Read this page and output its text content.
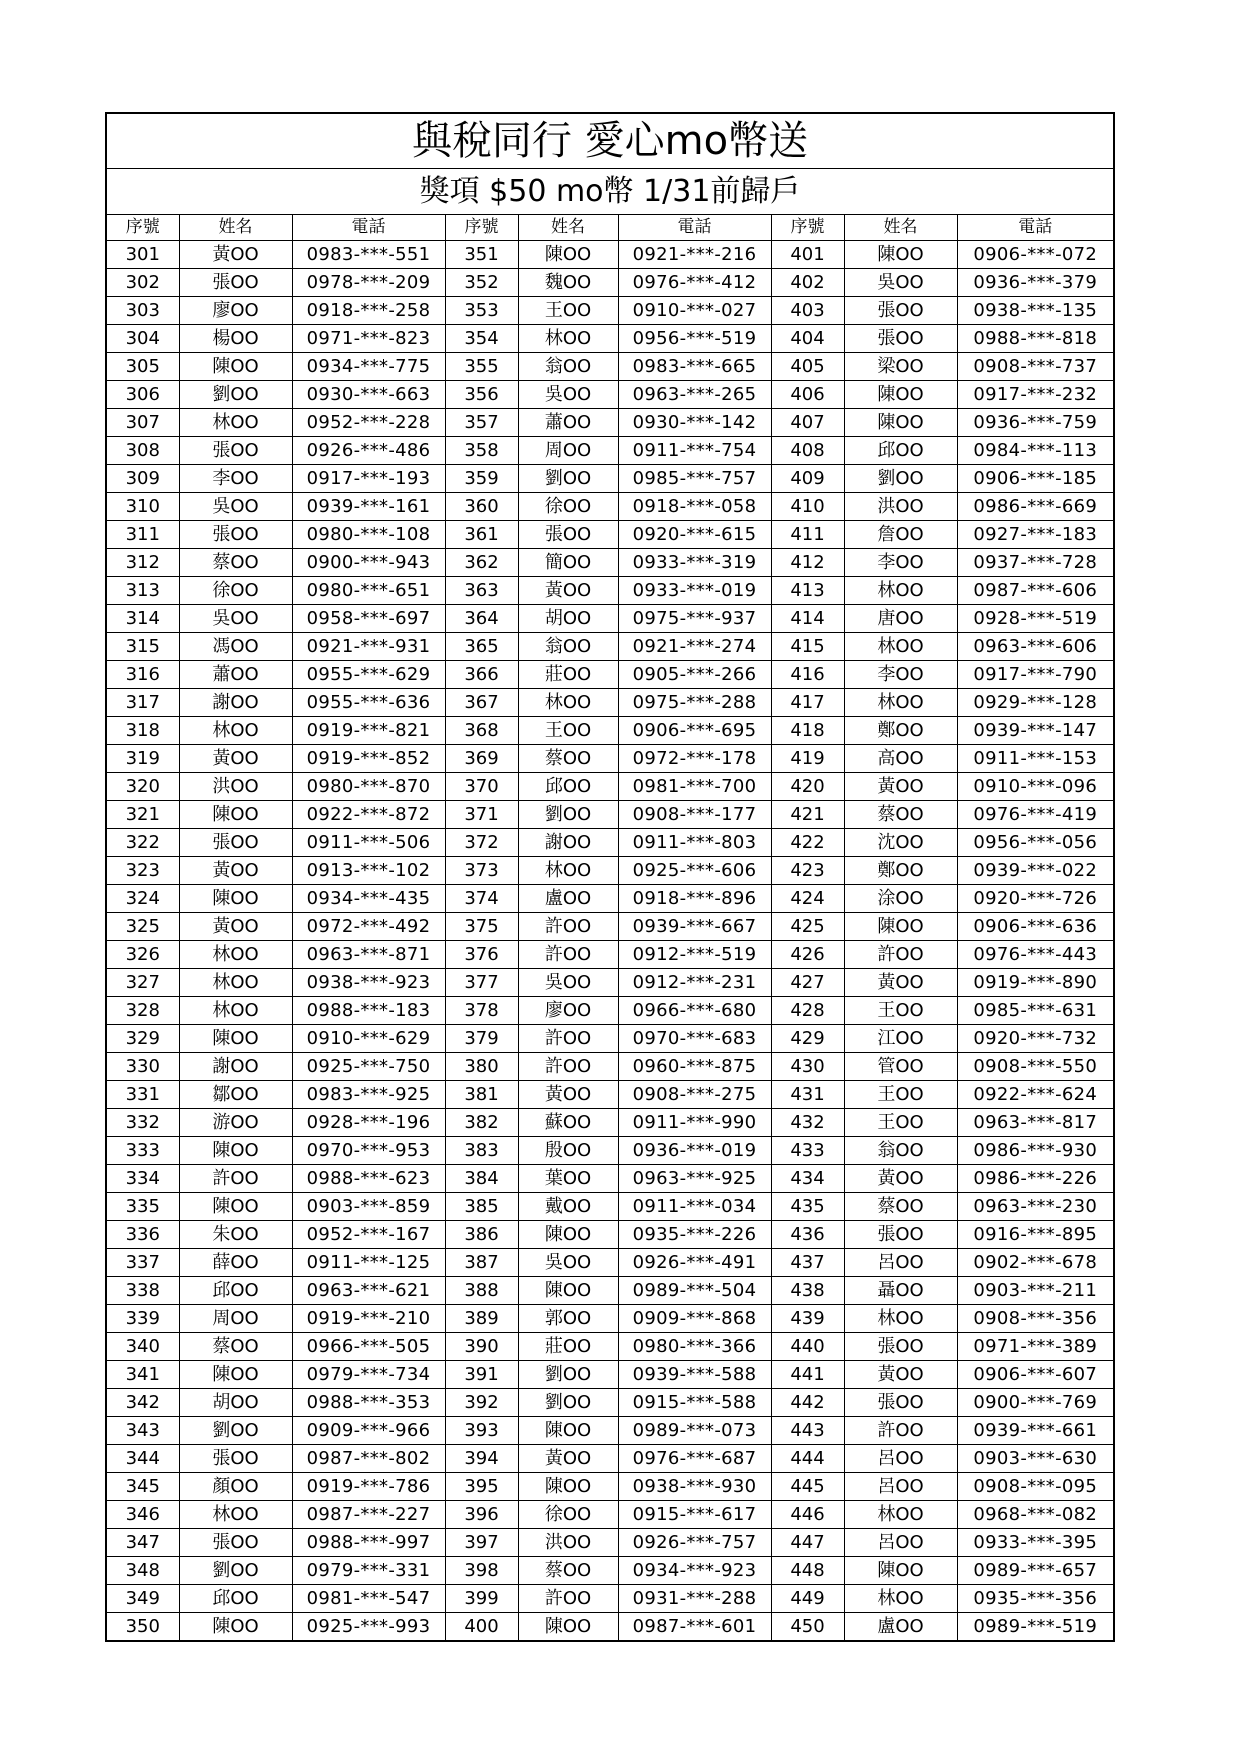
與稅同行 愛心mo幣送								
獎項 $50 mo幣 1/31前歸戶								
序號	姓名	電話	序號	姓名	電話	序號	姓名	電話
301	黃OO	0983-***-551	351	陳OO	0921-***-216	401	陳OO	0906-***-072
302	張OO	0978-***-209	352	魏OO	0976-***-412	402	吳OO	0936-***-379
303	廖OO	0918-***-258	353	王OO	0910-***-027	403	張OO	0938-***-135
304	楊OO	0971-***-823	354	林OO	0956-***-519	404	張OO	0988-***-818
305	陳OO	0934-***-775	355	翁OO	0983-***-665	405	梁OO	0908-***-737
306	劉OO	0930-***-663	356	吳OO	0963-***-265	406	陳OO	0917-***-232
307	林OO	0952-***-228	357	蕭OO	0930-***-142	407	陳OO	0936-***-759
308	張OO	0926-***-486	358	周OO	0911-***-754	408	邱OO	0984-***-113
309	李OO	0917-***-193	359	劉OO	0985-***-757	409	劉OO	0906-***-185
310	吳OO	0939-***-161	360	徐OO	0918-***-058	410	洪OO	0986-***-669
311	張OO	0980-***-108	361	張OO	0920-***-615	411	詹OO	0927-***-183
312	蔡OO	0900-***-943	362	簡OO	0933-***-319	412	李OO	0937-***-728
313	徐OO	0980-***-651	363	黃OO	0933-***-019	413	林OO	0987-***-606
314	吳OO	0958-***-697	364	胡OO	0975-***-937	414	唐OO	0928-***-519
315	馮OO	0921-***-931	365	翁OO	0921-***-274	415	林OO	0963-***-606
316	蕭OO	0955-***-629	366	莊OO	0905-***-266	416	李OO	0917-***-790
317	謝OO	0955-***-636	367	林OO	0975-***-288	417	林OO	0929-***-128
318	林OO	0919-***-821	368	王OO	0906-***-695	418	鄭OO	0939-***-147
319	黃OO	0919-***-852	369	蔡OO	0972-***-178	419	高OO	0911-***-153
320	洪OO	0980-***-870	370	邱OO	0981-***-700	420	黃OO	0910-***-096
321	陳OO	0922-***-872	371	劉OO	0908-***-177	421	蔡OO	0976-***-419
322	張OO	0911-***-506	372	謝OO	0911-***-803	422	沈OO	0956-***-056
323	黃OO	0913-***-102	373	林OO	0925-***-606	423	鄭OO	0939-***-022
324	陳OO	0934-***-435	374	盧OO	0918-***-896	424	涂OO	0920-***-726
325	黃OO	0972-***-492	375	許OO	0939-***-667	425	陳OO	0906-***-636
326	林OO	0963-***-871	376	許OO	0912-***-519	426	許OO	0976-***-443
327	林OO	0938-***-923	377	吳OO	0912-***-231	427	黃OO	0919-***-890
328	林OO	0988-***-183	378	廖OO	0966-***-680	428	王OO	0985-***-631
329	陳OO	0910-***-629	379	許OO	0970-***-683	429	江OO	0920-***-732
330	謝OO	0925-***-750	380	許OO	0960-***-875	430	管OO	0908-***-550
331	鄒OO	0983-***-925	381	黃OO	0908-***-275	431	王OO	0922-***-624
332	游OO	0928-***-196	382	蘇OO	0911-***-990	432	王OO	0963-***-817
333	陳OO	0970-***-953	383	殷OO	0936-***-019	433	翁OO	0986-***-930
334	許OO	0988-***-623	384	葉OO	0963-***-925	434	黃OO	0986-***-226
335	陳OO	0903-***-859	385	戴OO	0911-***-034	435	蔡OO	0963-***-230
336	朱OO	0952-***-167	386	陳OO	0935-***-226	436	張OO	0916-***-895
337	薛OO	0911-***-125	387	吳OO	0926-***-491	437	呂OO	0902-***-678
338	邱OO	0963-***-621	388	陳OO	0989-***-504	438	聶OO	0903-***-211
339	周OO	0919-***-210	389	郭OO	0909-***-868	439	林OO	0908-***-356
340	蔡OO	0966-***-505	390	莊OO	0980-***-366	440	張OO	0971-***-389
341	陳OO	0979-***-734	391	劉OO	0939-***-588	441	黃OO	0906-***-607
342	胡OO	0988-***-353	392	劉OO	0915-***-588	442	張OO	0900-***-769
343	劉OO	0909-***-966	393	陳OO	0989-***-073	443	許OO	0939-***-661
344	張OO	0987-***-802	394	黃OO	0976-***-687	444	呂OO	0903-***-630
345	顏OO	0919-***-786	395	陳OO	0938-***-930	445	呂OO	0908-***-095
346	林OO	0987-***-227	396	徐OO	0915-***-617	446	林OO	0968-***-082
347	張OO	0988-***-997	397	洪OO	0926-***-757	447	呂OO	0933-***-395
348	劉OO	0979-***-331	398	蔡OO	0934-***-923	448	陳OO	0989-***-657
349	邱OO	0981-***-547	399	許OO	0931-***-288	449	林OO	0935-***-356
350	陳OO	0925-***-993	400	陳OO	0987-***-601	450	盧OO	0989-***-519
